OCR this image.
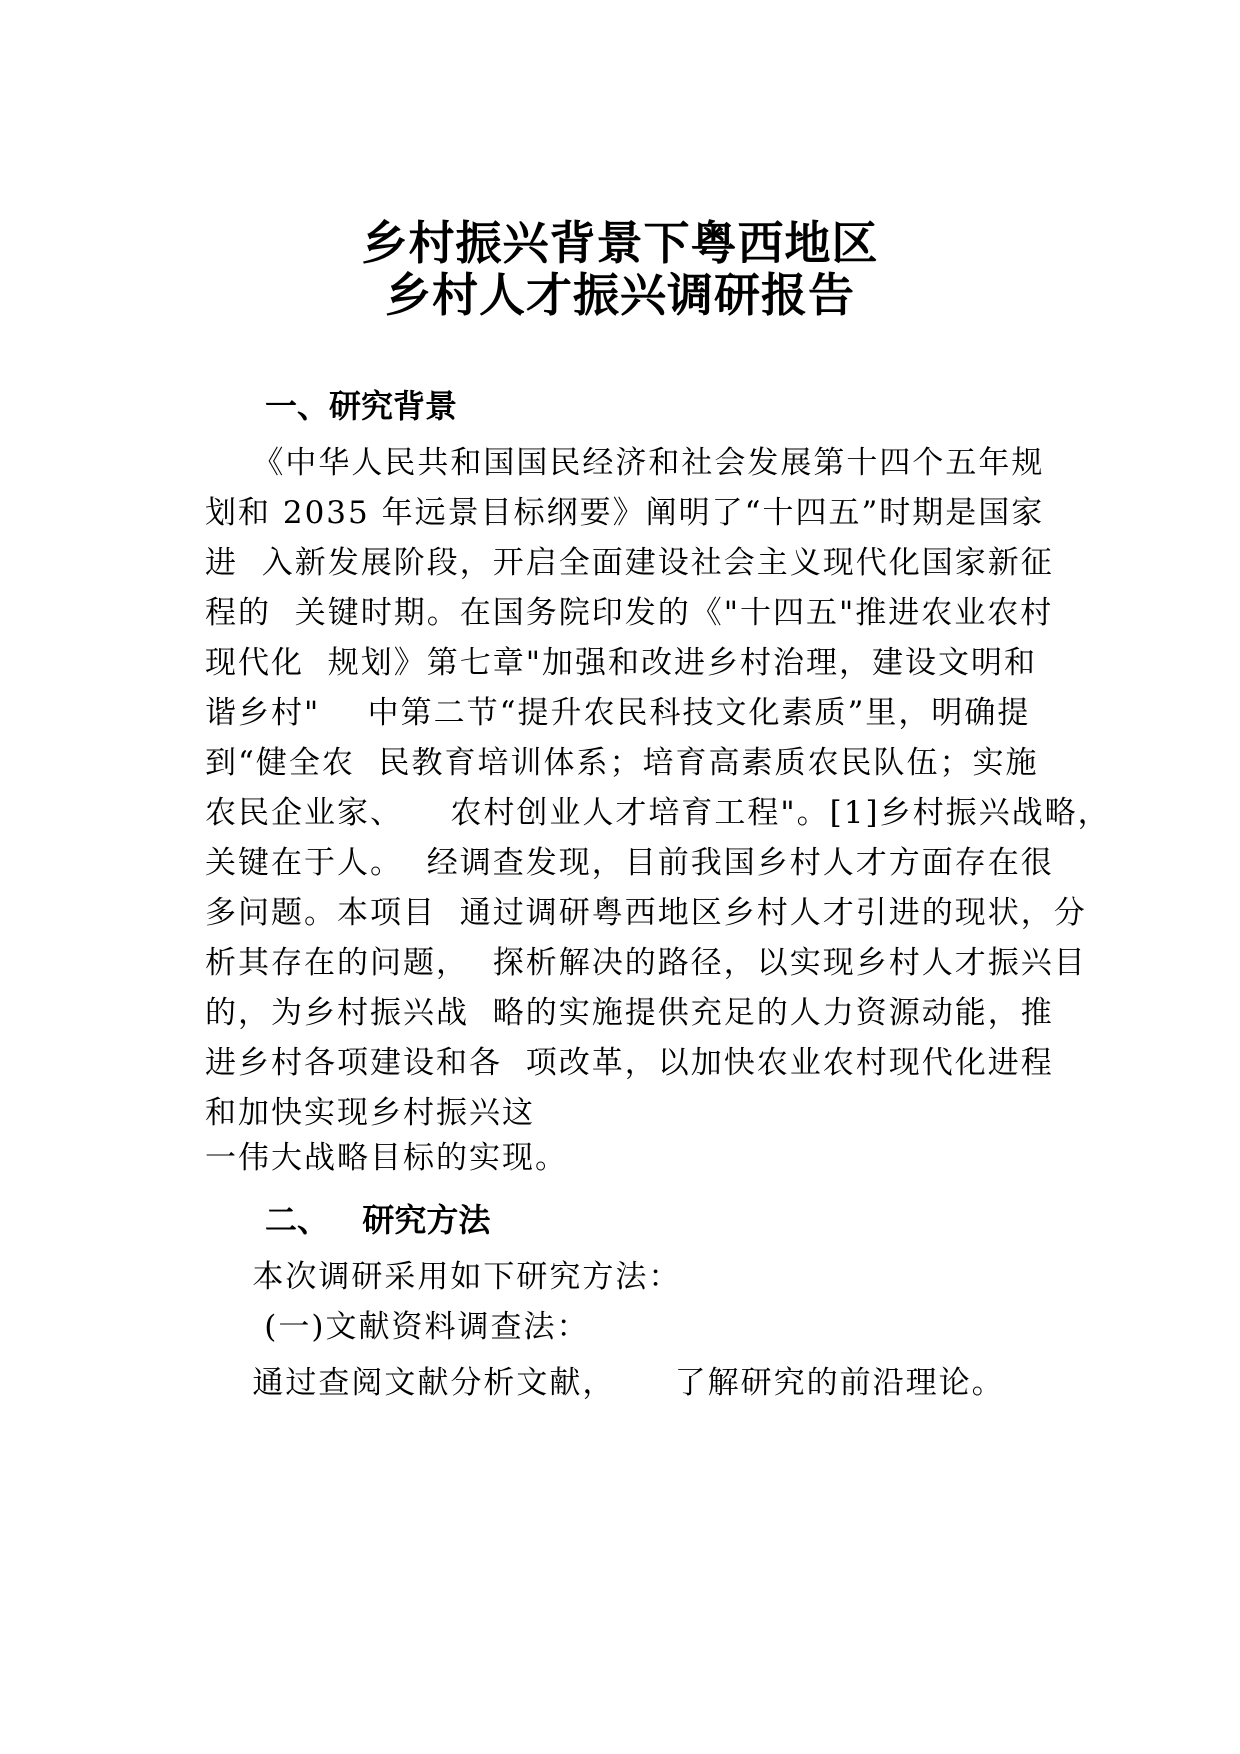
乡村振兴背景下粤西地区
乡村人才振兴调研报告
一、研究背景
《中华人民共和国国民经济和社会发展第十四个五年规
划和 2035 年远景目标纲要》阐明了“十四五”时期是国家
进  入新发展阶段，开启全面建设社会主义现代化国家新征
程的  关键时期。在国务院印发的《"十四五"推进农业农村
现代化  规划》第七章"加强和改进乡村治理，建设文明和
谐乡村"    中第二节“提升农民科技文化素质”里，明确提
到“健全农  民教育培训体系；培育高素质农民队伍；实施
农民企业家、    农村创业人才培育工程"。[1]乡村振兴战略，
关键在于人。  经调查发现，目前我国乡村人才方面存在很
多问题。本项目  通过调研粤西地区乡村人才引进的现状，分
析其存在的问题，  探析解决的路径，以实现乡村人才振兴目
的，为乡村振兴战  略的实施提供充足的人力资源动能，推
进乡村各项建设和各  项改革，以加快农业农村现代化进程
和加快实现乡村振兴这
一伟大战略目标的实现。
二、   研究方法
本次调研采用如下研究方法：
(一)文献资料调查法：
通过查阅文献分析文献，     了解研究的前沿理论。
